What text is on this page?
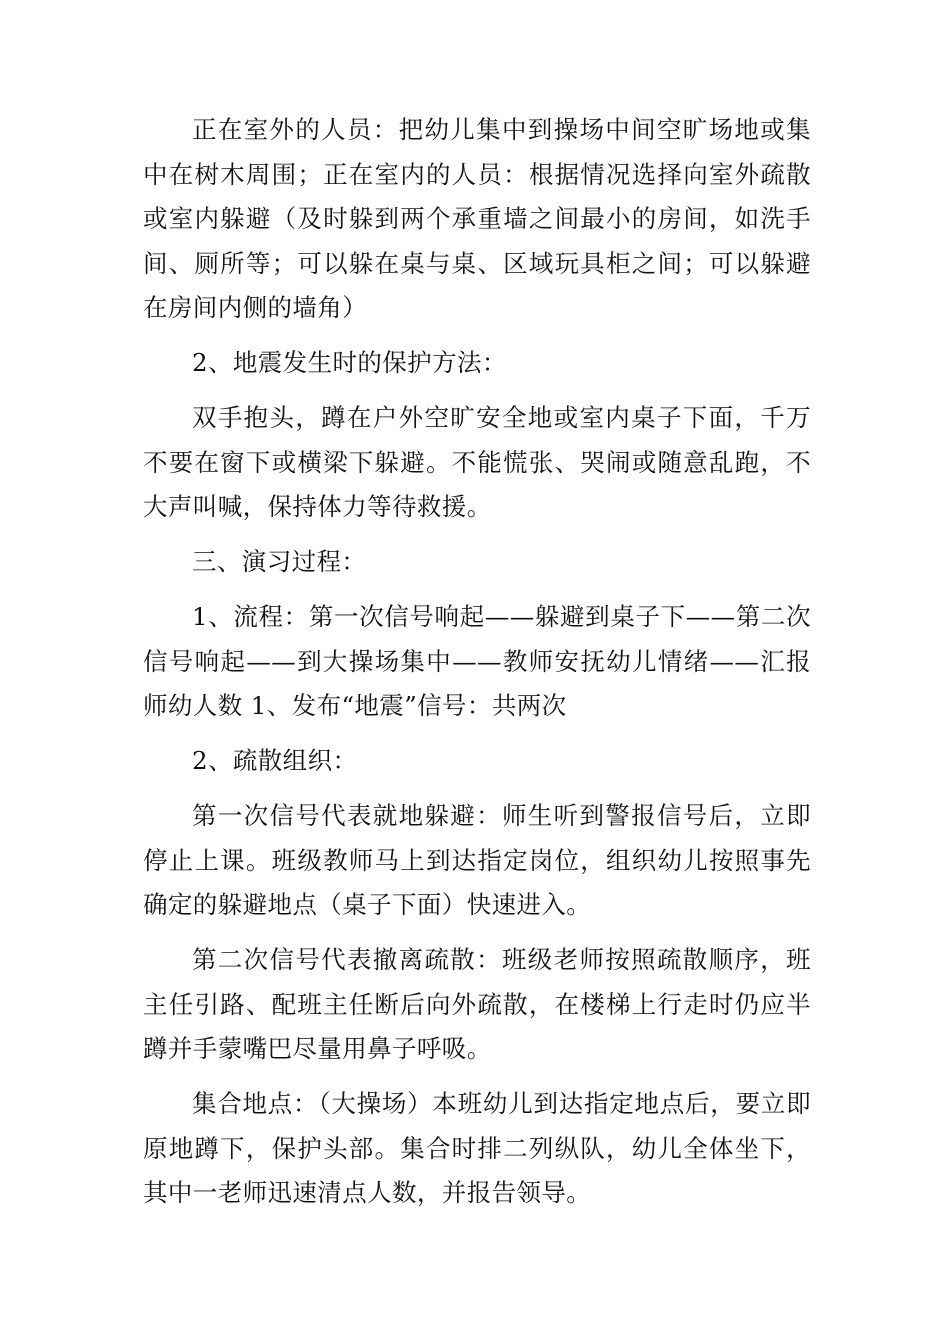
正在室外的人员：把幼儿集中到操场中间空旷场地或集中在树木周围；正在室内的人员：根据情况选择向室外疏散或室内躲避（及时躲到两个承重墙之间最小的房间，如洗手间、厕所等；可以躲在桌与桌、区域玩具柜之间；可以躲避在房间内侧的墙角）

2、地震发生时的保护方法：

双手抱头，蹲在户外空旷安全地或室内桌子下面，千万不要在窗下或横梁下躲避。不能慌张、哭闹或随意乱跑，不大声叫喊，保持体力等待救援。

三、演习过程：

1、流程：第一次信号响起——躲避到桌子下——第二次信号响起——到大操场集中——教师安抚幼儿情绪——汇报师幼人数 1、发布“地震”信号：共两次

2、疏散组织：

第一次信号代表就地躲避：师生听到警报信号后，立即停止上课。班级教师马上到达指定岗位，组织幼儿按照事先确定的躲避地点（桌子下面）快速进入。

第二次信号代表撤离疏散：班级老师按照疏散顺序，班主任引路、配班主任断后向外疏散，在楼梯上行走时仍应半蹲并手蒙嘴巴尽量用鼻子呼吸。

集合地点：（大操场）本班幼儿到达指定地点后，要立即原地蹲下，保护头部。集合时排二列纵队，幼儿全体坐下，其中一老师迅速清点人数，并报告领导。
